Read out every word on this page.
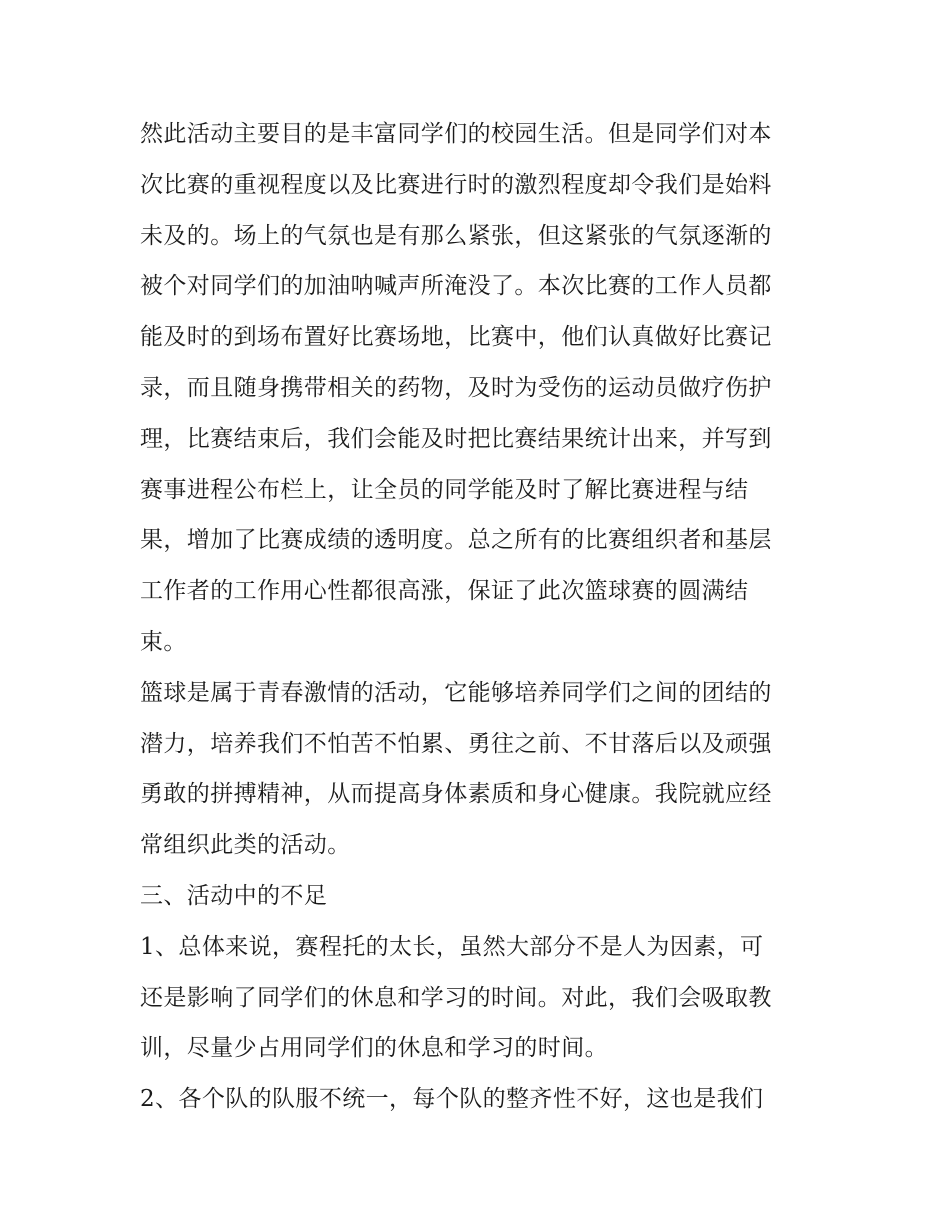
然此活动主要目的是丰富同学们的校园生活。但是同学们对本
次比赛的重视程度以及比赛进行时的激烈程度却令我们是始料
未及的。场上的气氛也是有那么紧张，但这紧张的气氛逐渐的
被个对同学们的加油呐喊声所淹没了。本次比赛的工作人员都
能及时的到场布置好比赛场地，比赛中，他们认真做好比赛记
录，而且随身携带相关的药物，及时为受伤的运动员做疗伤护
理，比赛结束后，我们会能及时把比赛结果统计出来，并写到
赛事进程公布栏上，让全员的同学能及时了解比赛进程与结
果，增加了比赛成绩的透明度。总之所有的比赛组织者和基层
工作者的工作用心性都很高涨，保证了此次篮球赛的圆满结
束。
篮球是属于青春激情的活动，它能够培养同学们之间的团结的
潜力，培养我们不怕苦不怕累、勇往之前、不甘落后以及顽强
勇敢的拼搏精神，从而提高身体素质和身心健康。我院就应经
常组织此类的活动。
三、活动中的不足
1、总体来说，赛程托的太长，虽然大部分不是人为因素，可
还是影响了同学们的休息和学习的时间。对此，我们会吸取教
训，尽量少占用同学们的休息和学习的时间。
2、各个队的队服不统一，每个队的整齐性不好，这也是我们
